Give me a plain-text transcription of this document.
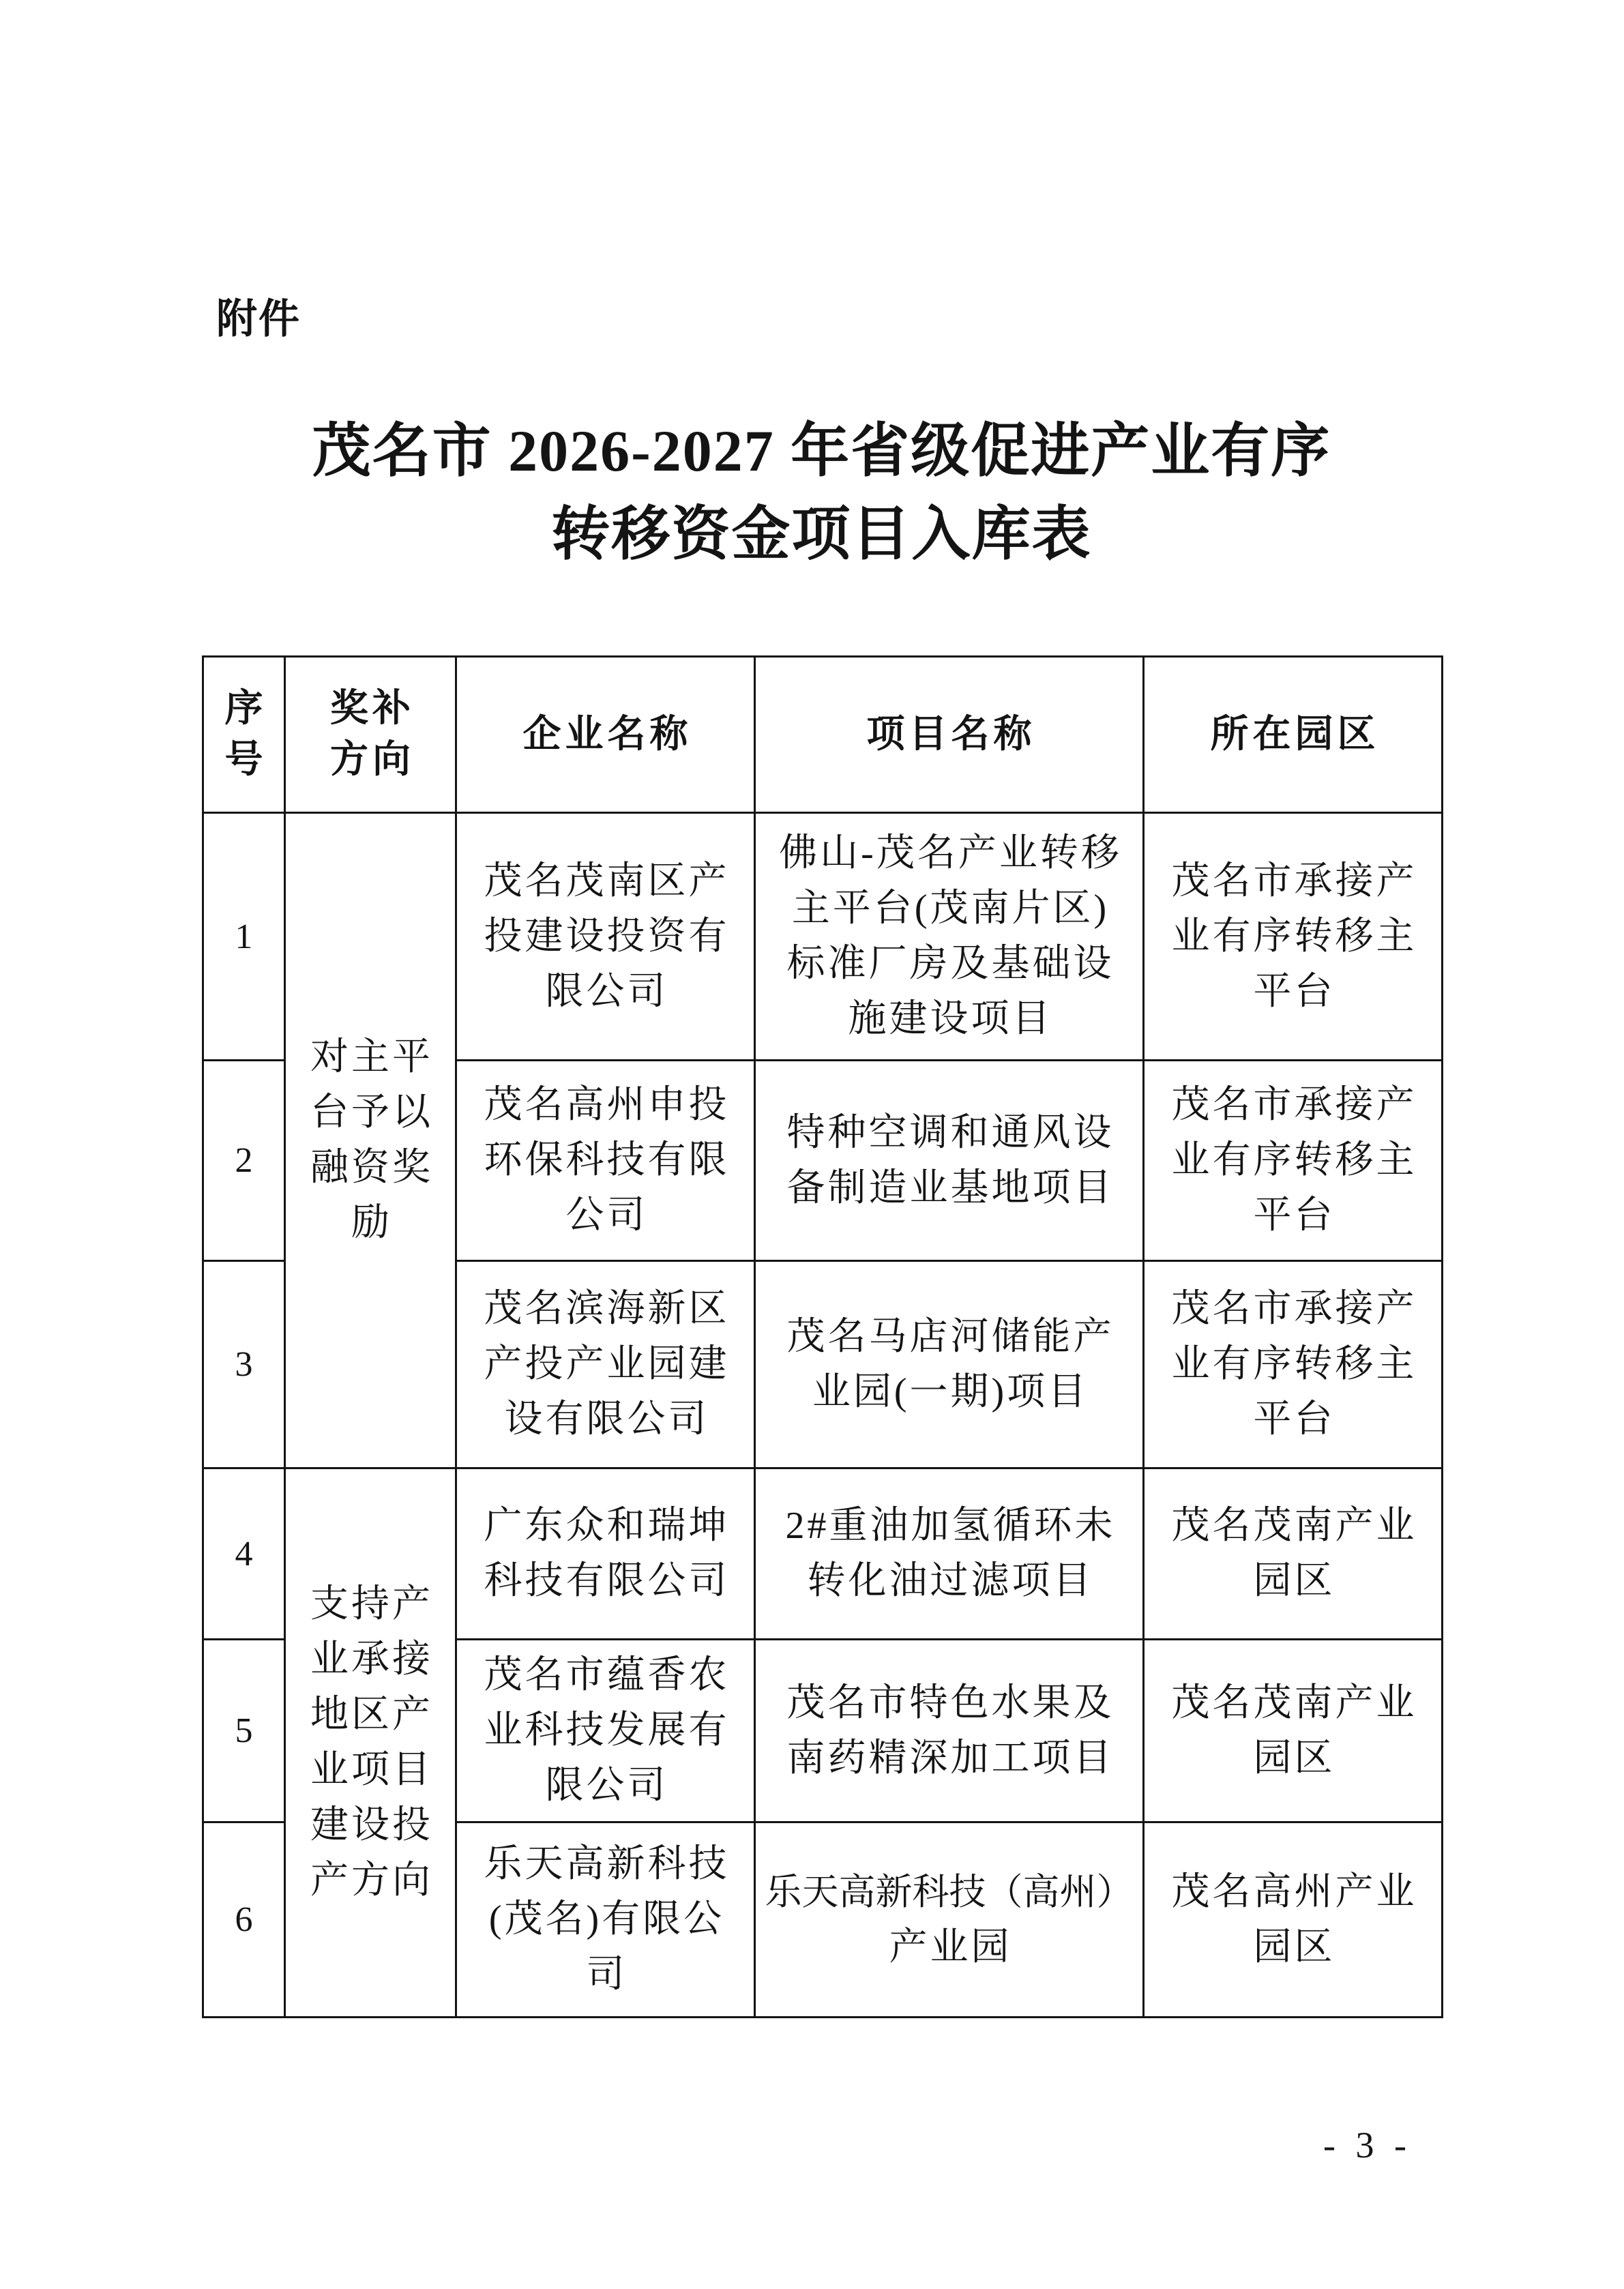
附件
茂名市 2026-2027 年省级促进产业有序
转移资金项目入库表
序
号
奖补
方向
企业名称	项目名称	所在园区
对主平
台予以
融资奖
励
支持产
业承接
地区产
业项目
建设投
产方向
1
茂名茂南区产
投建设投资有
限公司
佛山-茂名产业转移
主平台(茂南片区)
标准厂房及基础设
施建设项目
茂名市承接产
业有序转移主
平台
2
茂名高州申投
环保科技有限
公司
特种空调和通风设
备制造业基地项目
茂名市承接产
业有序转移主
平台
3
茂名滨海新区
产投产业园建
设有限公司
茂名马店河储能产
业园(一期)项目
茂名市承接产
业有序转移主
平台
4
广东众和瑞坤
科技有限公司
2#重油加氢循环未
转化油过滤项目
茂名茂南产业
园区
5
茂名市蕴香农
业科技发展有
限公司
茂名市特色水果及
南药精深加工项目
茂名茂南产业
园区
6
乐天高新科技
(茂名)有限公
司
乐天高新科技（高州）
产业园
茂名高州产业
园区
- 3 -
